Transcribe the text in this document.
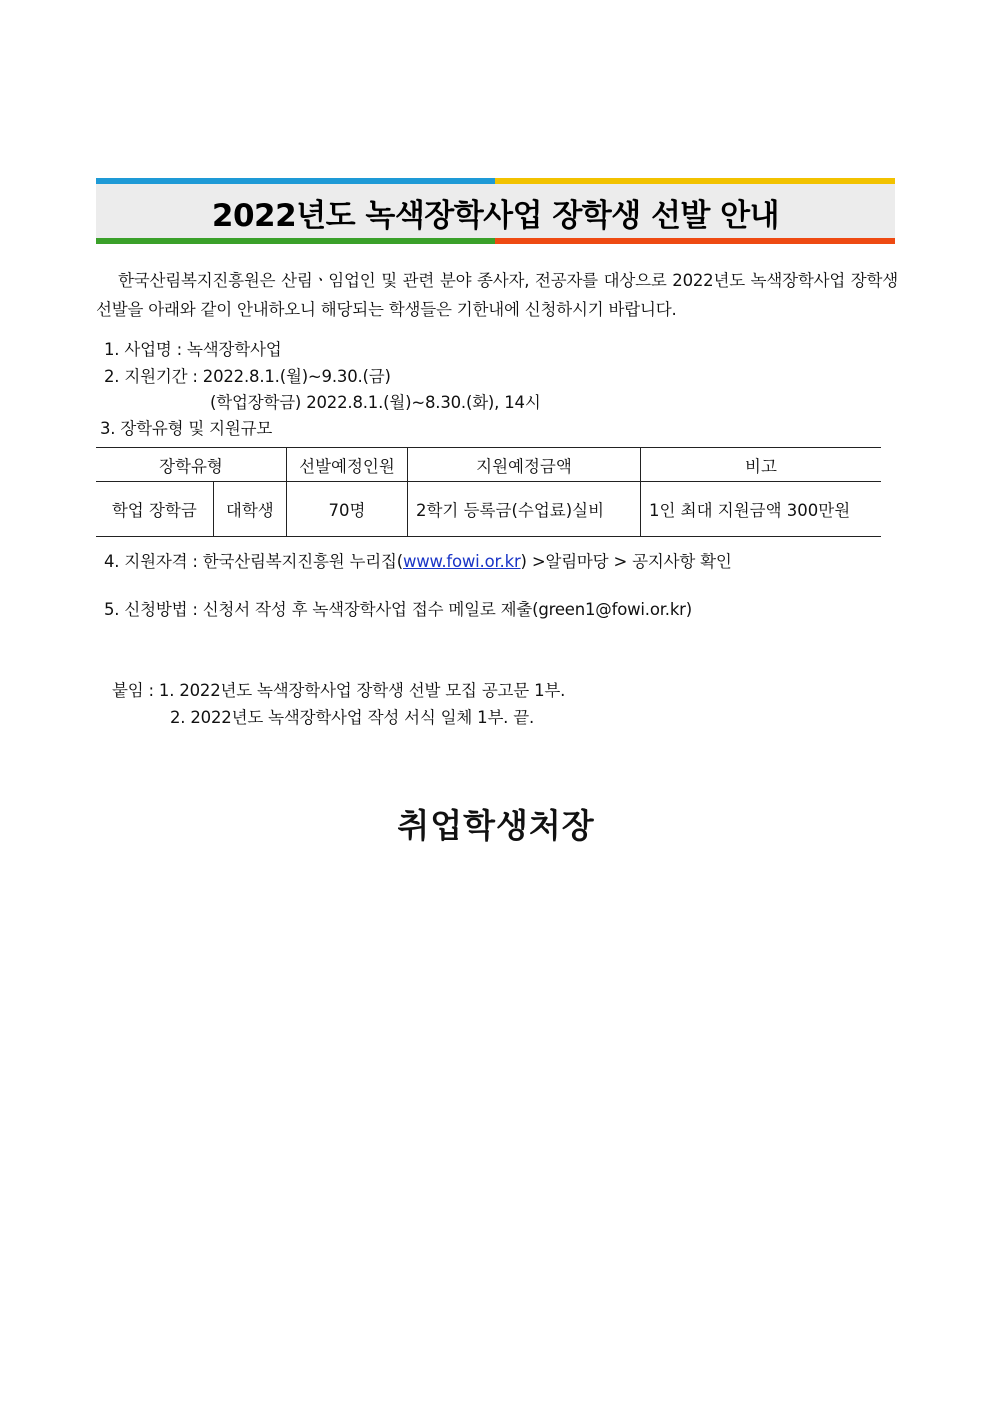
2022년도 녹색장학사업 장학생 선발 안내

한국산림복지진흥원은 산림ㆍ임업인 및 관련 분야 종사자, 전공자를 대상으로 2022년도 녹색장학사업 장학생 선발을 아래와 같이 안내하오니 해당되는 학생들은 기한내에 신청하시기 바랍니다.

1. 사업명 : 녹색장학사업
2. 지원기간 : 2022.8.1.(월)~9.30.(금)
(학업장학금) 2022.8.1.(월)~8.30.(화), 14시
3. 장학유형 및 지원규모
장학유형		선발예정인원	지원예정금액	비고
학업 장학금	대학생	70명	2학기 등록금(수업료)실비	1인 최대 지원금액 300만원
4. 지원자격 : 한국산림복지진흥원 누리집(www.fowi.or.kr) >알림마당 > 공지사항 확인
5. 신청방법 : 신청서 작성 후 녹색장학사업 접수 메일로 제출(green1@fowi.or.kr)
붙임 : 1. 2022년도 녹색장학사업 장학생 선발 모집 공고문 1부.
2. 2022년도 녹색장학사업 작성 서식 일체 1부. 끝.
취업학생처장
